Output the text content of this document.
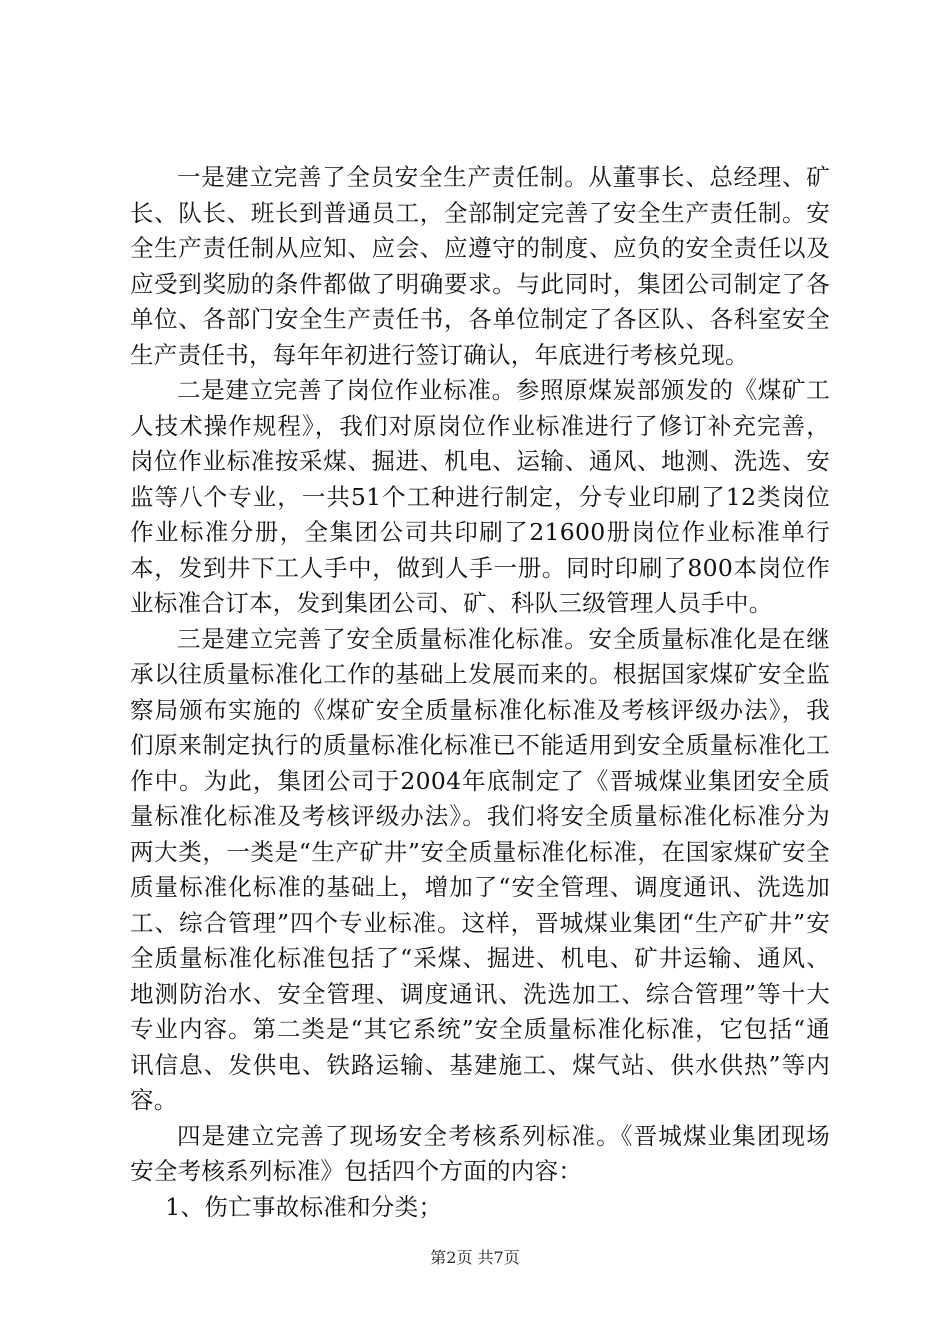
一是建立完善了全员安全生产责任制。从董事长、总经理、矿长、队长、班长到普通员工，全部制定完善了安全生产责任制。安全生产责任制从应知、应会、应遵守的制度、应负的安全责任以及应受到奖励的条件都做了明确要求。与此同时，集团公司制定了各单位、各部门安全生产责任书，各单位制定了各区队、各科室安全生产责任书，每年年初进行签订确认，年底进行考核兑现。

二是建立完善了岗位作业标准。参照原煤炭部颁发的《煤矿工人技术操作规程》，我们对原岗位作业标准进行了修订补充完善，岗位作业标准按采煤、掘进、机电、运输、通风、地测、洗选、安监等八个专业，一共51个工种进行制定，分专业印刷了12类岗位作业标准分册，全集团公司共印刷了21600册岗位作业标准单行本，发到井下工人手中，做到人手一册。同时印刷了800本岗位作业标准合订本，发到集团公司、矿、科队三级管理人员手中。

三是建立完善了安全质量标准化标准。安全质量标准化是在继承以往质量标准化工作的基础上发展而来的。根据国家煤矿安全监察局颁布实施的《煤矿安全质量标准化标准及考核评级办法》，我们原来制定执行的质量标准化标准已不能适用到安全质量标准化工作中。为此，集团公司于2004年底制定了《晋城煤业集团安全质量标准化标准及考核评级办法》。我们将安全质量标准化标准分为两大类，一类是“生产矿井”安全质量标准化标准，在国家煤矿安全质量标准化标准的基础上，增加了“安全管理、调度通讯、洗选加工、综合管理”四个专业标准。这样，晋城煤业集团“生产矿井”安全质量标准化标准包括了“采煤、掘进、机电、矿井运输、通风、地测防治水、安全管理、调度通讯、洗选加工、综合管理”等十大专业内容。第二类是“其它系统”安全质量标准化标准，它包括“通讯信息、发供电、铁路运输、基建施工、煤气站、供水供热”等内容。

四是建立完善了现场安全考核系列标准。《晋城煤业集团现场安全考核系列标准》包括四个方面的内容：

1、伤亡事故标准和分类；

第2页 共7页
